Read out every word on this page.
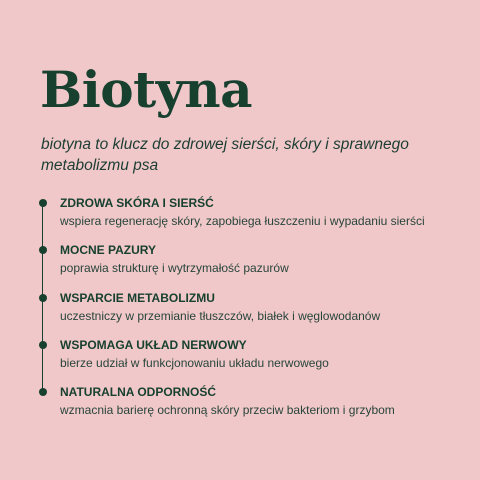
Biotyna

biotyna to klucz do zdrowej sierści, skóry i sprawnego metabolizmu psa

ZDROWA SKÓRA I SIERŚĆ
wspiera regenerację skóry, zapobiega łuszczeniu i wypadaniu sierści
MOCNE PAZURY
poprawia strukturę i wytrzymałość pazurów
WSPARCIE METABOLIZMU
uczestniczy w przemianie tłuszczów, białek i węglowodanów
WSPOMAGA UKŁAD NERWOWY
bierze udział w funkcjonowaniu układu nerwowego
NATURALNA ODPORNOŚĆ
wzmacnia barierę ochronną skóry przeciw bakteriom i grzybom
